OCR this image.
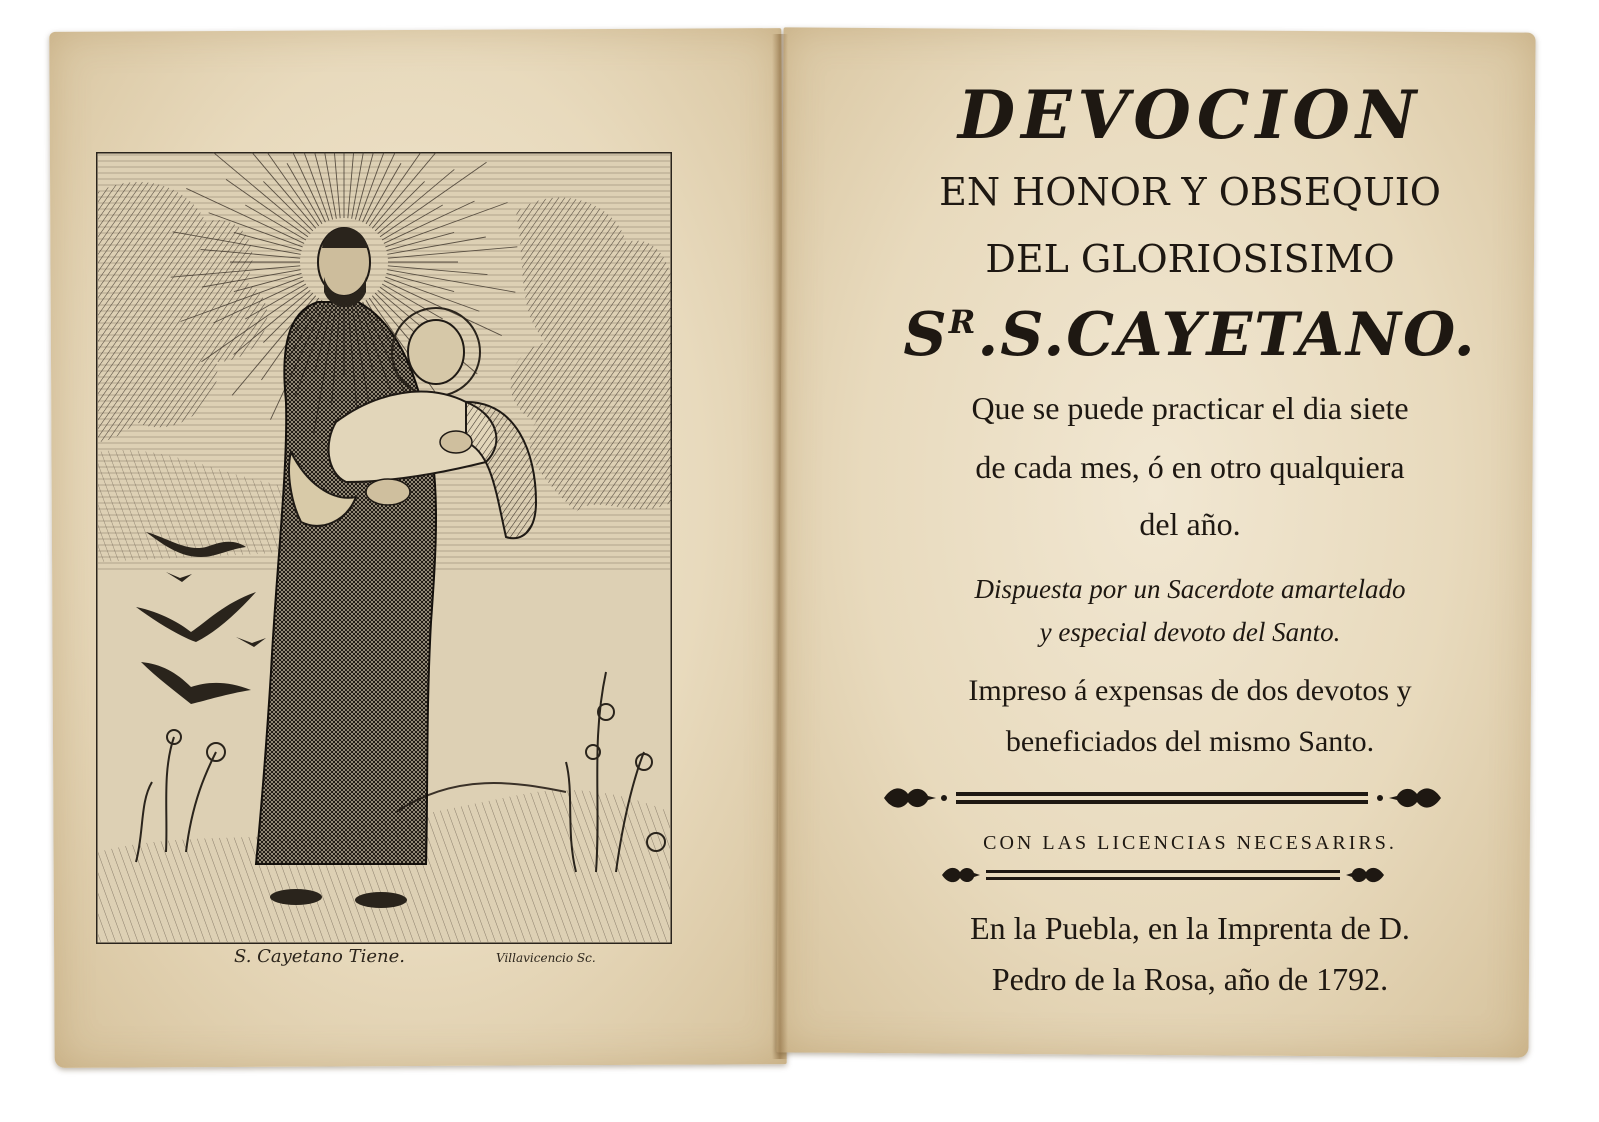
S. Cayetano Tiene.	Villavicencio Sc.
DEVOCION
EN HONOR Y OBSEQUIO
DEL GLORIOSISIMO
$S^R.S.CAYETANO$.
Que se puede practicar el dia siete
de cada mes, ó en otro qualquiera
del año.
Dispuesta por un Sacerdote amartelado
y especial devoto del Santo.
Impreso á expensas de dos devotos y
beneficiados del mismo Santo.
CON LAS LICENCIAS NECESARIRS.
En la Puebla, en la Imprenta de D.
Pedro de la Rosa, año de 1792.
